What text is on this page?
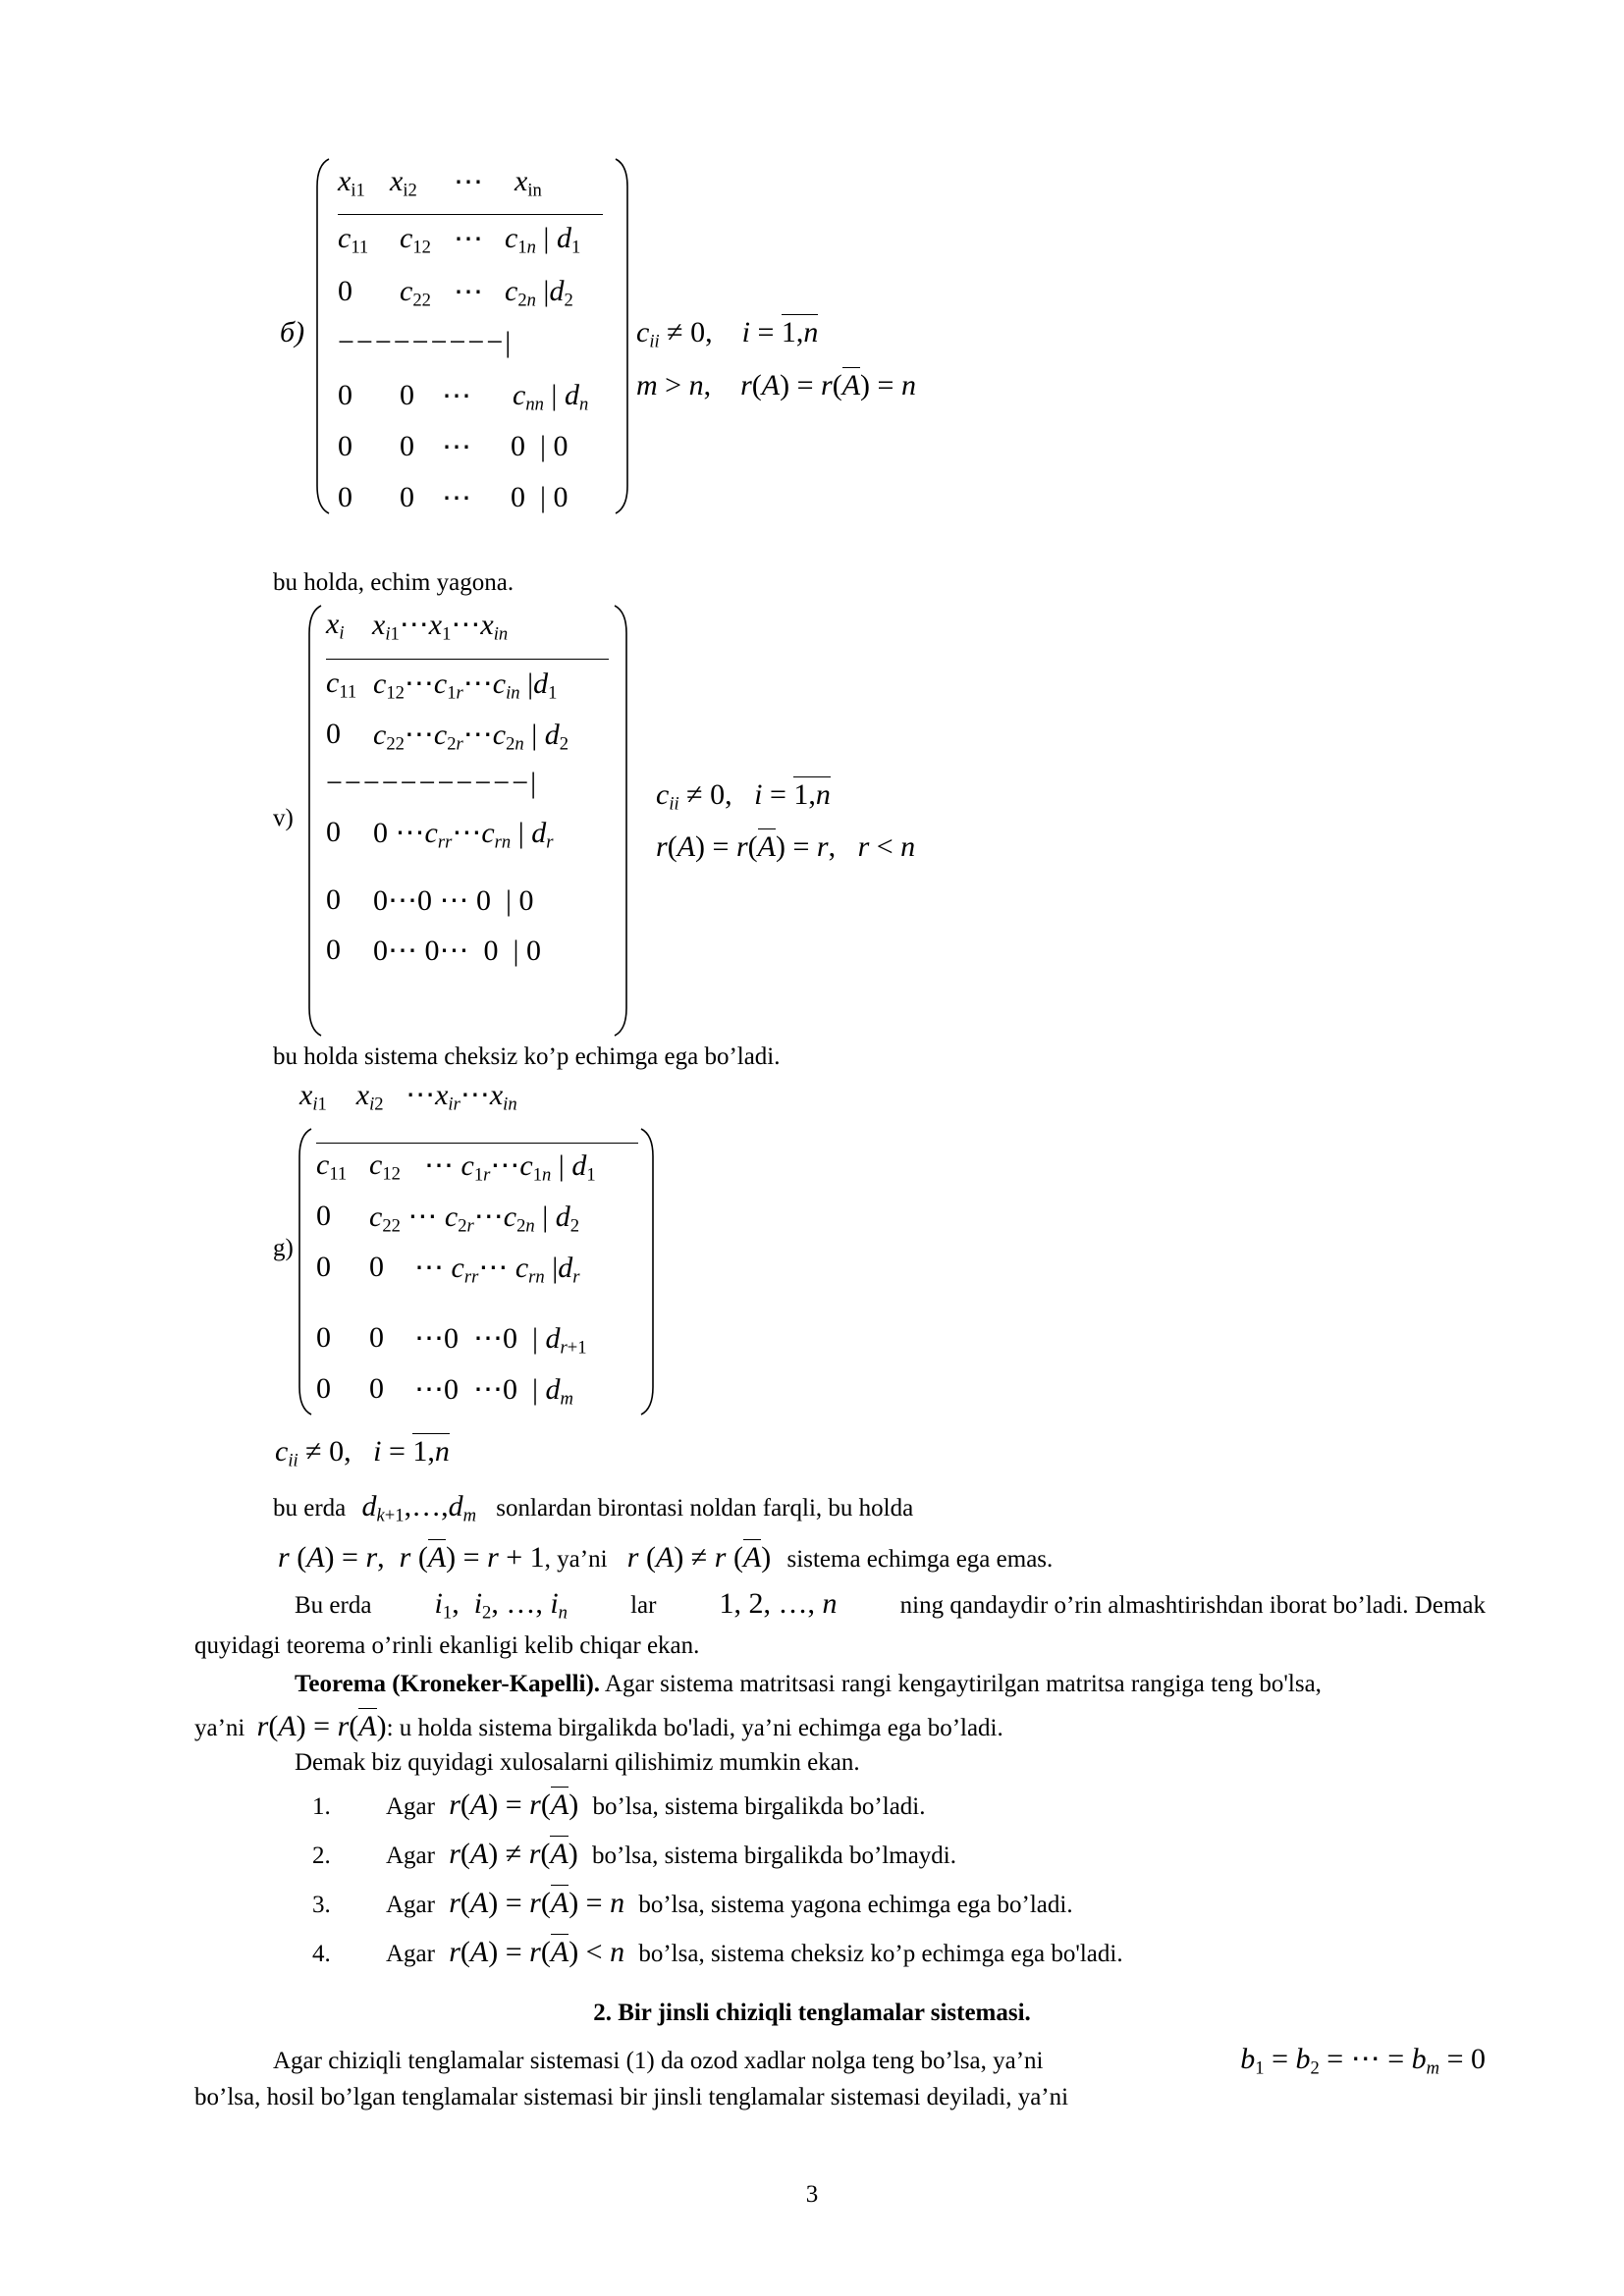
б)
$x_{i1}$ $x_{i2}$ ⋯ $x_{in}$
$c_{11}$ $c_{12}$ ⋯ $c_{1n}$ | $d_1$
0 $c_{22}$ ⋯ $c_{2n}$ $|d_2$
−−−−−−−−−|
0 0 ⋯ $c_{nn}$ | $d_n$
0 0 ⋯ 0  | 0
0 0 ⋯ 0  | 0
$c_{ii} \ne 0$,    i = 1,n
m > n,    r(A) = r(A) = n
bu holda, echim yagona.
v)
$x_i$ $x_{i1}\cdots x_1\cdots x_{in}$
$c_{11}$ $c_{12}\cdots c_{1r}\cdots c_{in}$ $|d_1$
0 $c_{22}\cdots c_{2r}\cdots c_{2n}$ | $d_2$
−−−−−−−−−−−|
0 0 $\cdots c_{rr}\cdots c_{rn}$ | $d_r$
0 0⋯0 ⋯ 0  | 0
0 0⋯ 0⋯  0  | 0
$c_{ii} \ne 0$,   i = 1,n
r(A) = r(A) = r,   r < n
bu holda sistema cheksiz ko’p echimga ega bo’ladi.
$x_{i1}$ $x_{i2}$   $\cdots x_{ir}\cdots x_{in}$
g)
$c_{11}$ $c_{12}$ ⋯ $c_{1r}\cdots c_{1n}$ | $d_1$
0 $c_{22}$ ⋯ $c_{2r}\cdots c_{2n}$ | $d_2$
0 0 ⋯ $c_{rr}\cdots$ $c_{rn}$ $|d_r$
0 0 ⋯0  ⋯0  | $d_{r+1}$
0 0 ⋯0  ⋯0  | $d_m$
$c_{ii} \ne 0$,   i = 1,n
bu erda $d_{k+1},\dots,d_m$ sonlardan birontasi noldan farqli, bu holda
r (A) = r,  r (A) = r + 1, ya’ni r (A) ≠ r (A) sistema echimga ega emas.
Bu erda $i_1$,  $i_2$, …, $i_n$	lar 1, 2, …, n	ning qandaydir o’rin almashtirishdan iborat bo’ladi. Demak
quyidagi teorema o’rinli ekanligi kelib chiqar ekan.
Teorema (Kroneker-Kapelli). Agar sistema matritsasi rangi kengaytirilgan matritsa rangiga teng bo'lsa,
ya’ni r(A) = r(A): u holda sistema birgalikda bo'ladi, ya’ni echimga ega bo’ladi.
Demak biz quyidagi xulosalarni qilishimiz mumkin ekan.
1. Agar r(A) = r(A) bo’lsa, sistema birgalikda bo’ladi.
2. Agar r(A) ≠ r(A) bo’lsa, sistema birgalikda bo’lmaydi.
3. Agar r(A) = r(A) = n bo’lsa, sistema yagona echimga ega bo’ladi.
4. Agar r(A) = r(A) < n bo’lsa, sistema cheksiz ko’p echimga ega bo'ladi.
2. Bir jinsli chiziqli tenglamalar sistemasi.
Agar chiziqli tenglamalar sistemasi (1) da ozod xadlar nolga teng bo’lsa, ya’ni	$b_1 = b_2$ = ⋯ = $b_m = 0$
bo’lsa, hosil bo’lgan tenglamalar sistemasi bir jinsli tenglamalar sistemasi deyiladi, ya’ni
3
